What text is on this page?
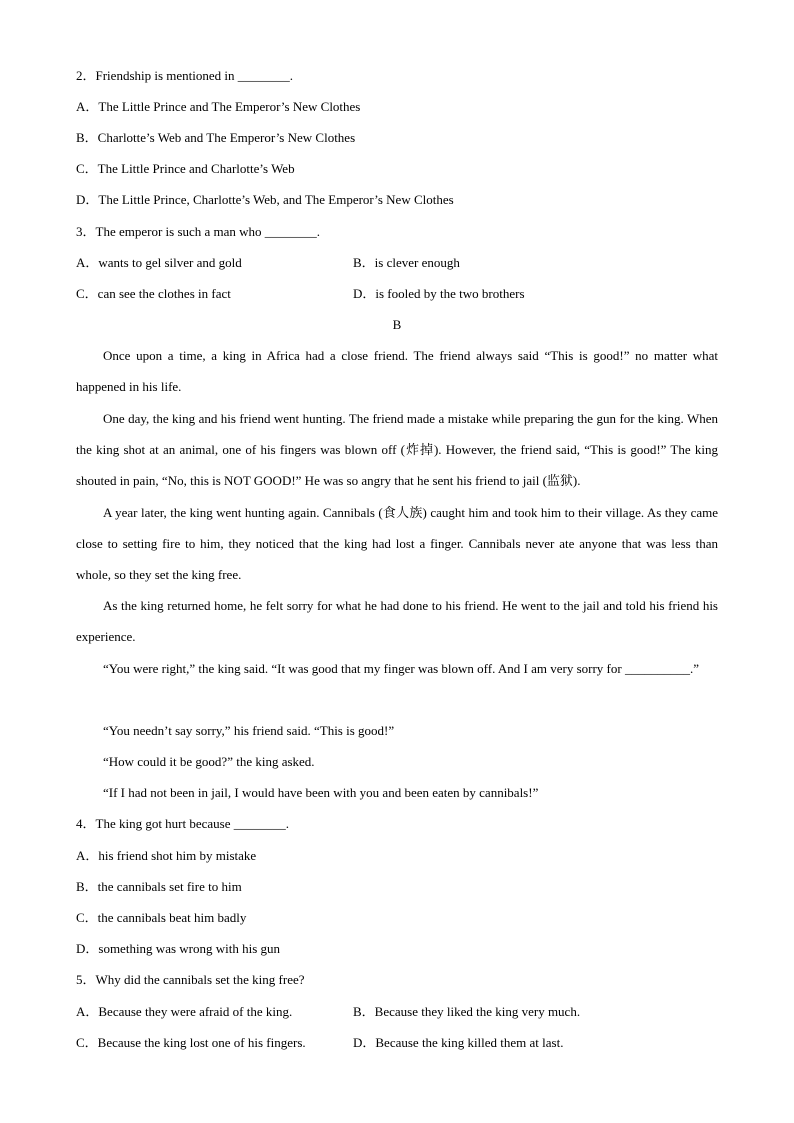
2．Friendship is mentioned in ________.
A．The Little Prince and The Emperor’s New Clothes
B．Charlotte’s Web and The Emperor’s New Clothes
C．The Little Prince and Charlotte’s Web
D．The Little Prince, Charlotte’s Web, and The Emperor’s New Clothes
3．The emperor is such a man who ________.
A．wants to gel silver and gold	B．is clever enough
C．can see the clothes in fact	D．is fooled by the two brothers
B
Once upon a time, a king in Africa had a close friend. The friend always said “This is good!” no matter what happened in his life.
One day, the king and his friend went hunting. The friend made a mistake while preparing the gun for the king. When the king shot at an animal, one of his fingers was blown off (炸掉). However, the friend said, “This is good!” The king shouted in pain, “No, this is NOT GOOD!” He was so angry that he sent his friend to jail (监狱).
A year later, the king went hunting again. Cannibals (食人族) caught him and took him to their village. As they came close to setting fire to him, they noticed that the king had lost a finger. Cannibals never ate anyone that was less than whole, so they set the king free.
As the king returned home, he felt sorry for what he had done to his friend. He went to the jail and told his friend his experience.
“You were right,” the king said. “It was good that my finger was blown off. And I am very sorry for __________.”
“You needn’t say sorry,” his friend said. “This is good!”
“How could it be good?” the king asked.
“If I had not been in jail, I would have been with you and been eaten by cannibals!”
4．The king got hurt because ________.
A．his friend shot him by mistake
B．the cannibals set fire to him
C．the cannibals beat him badly
D．something was wrong with his gun
5．Why did the cannibals set the king free?
A．Because they were afraid of the king.	B．Because they liked the king very much.
C．Because the king lost one of his fingers.	D．Because the king killed them at last.
